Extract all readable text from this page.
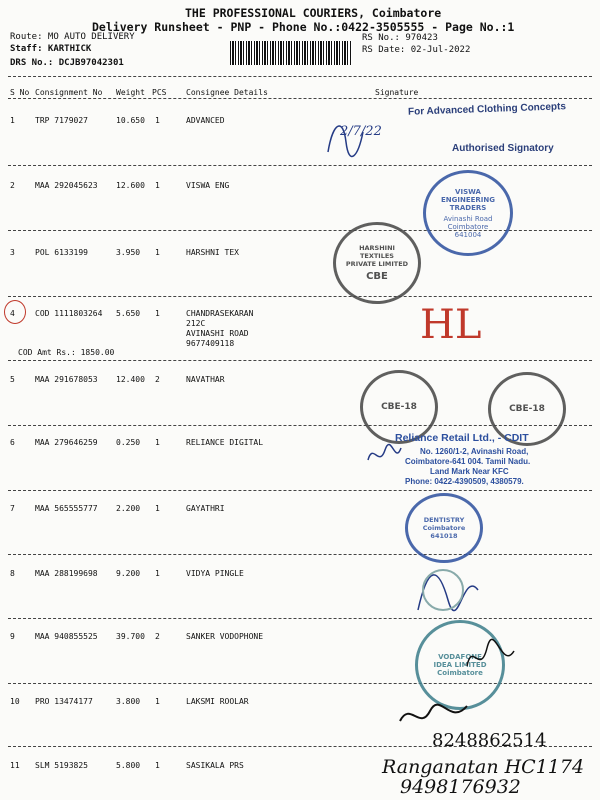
THE PROFESSIONAL COURIERS, Coimbatore
Delivery Runsheet - PNP - Phone No.:0422-3505555 - Page No.:1
Route: MO AUTO DELIVERY
Staff: KARTHICK
DRS No.: DCJB97042301
RS No.: 970423
RS Date: 02-Jul-2022
S No Consignment No Weight PCS Consignee Details	Signature
1	TRP 7179027	10.650 1	ADVANCED
2	MAA 292045623 12.600 1	VISWA ENG
3	POL 6133199	3.950 1	HARSHNI TEX
4	COD 1111803264 5.650 1	CHANDRASEKARAN
212C
AVINASHI ROAD
9677409118
COD Amt Rs.: 1850.00
5	MAA 291678053 12.400 2	NAVATHAR
6	MAA 279646259 0.250 1	RELIANCE DIGITAL
7	MAA 565555777 2.200 1	GAYATHRI
8	MAA 288199698 9.200 1	VIDYA PINGLE
9	MAA 940855525 39.700 2	SANKER VODOPHONE
10 PRO 13474177	3.800 1	LAKSMI ROOLAR
11 SLM 5193825	5.800 1	SASIKALA PRS
For Advanced Clothing Concepts
Authorised Signatory
2/7/22
VISWA ENGINEERING TRADERS
Avinashi Road Coimbatore 641004
HARSHINI TEXTILES PRIVATE LIMITED
CBE
HL
CBE-18	CBE-18
Reliance Retail Ltd., - CDIT
No. 1260/1-2, Avinashi Road,
Coimbatore-641 004. Tamil Nadu.
Land Mark Near KFC
Phone: 0422-4390509, 4380579.
DENTISTRY Coimbatore 641018
VODAFONE IDEA LIMITED Coimbatore
8248862514
Ranganatan HC1174
9498176932
